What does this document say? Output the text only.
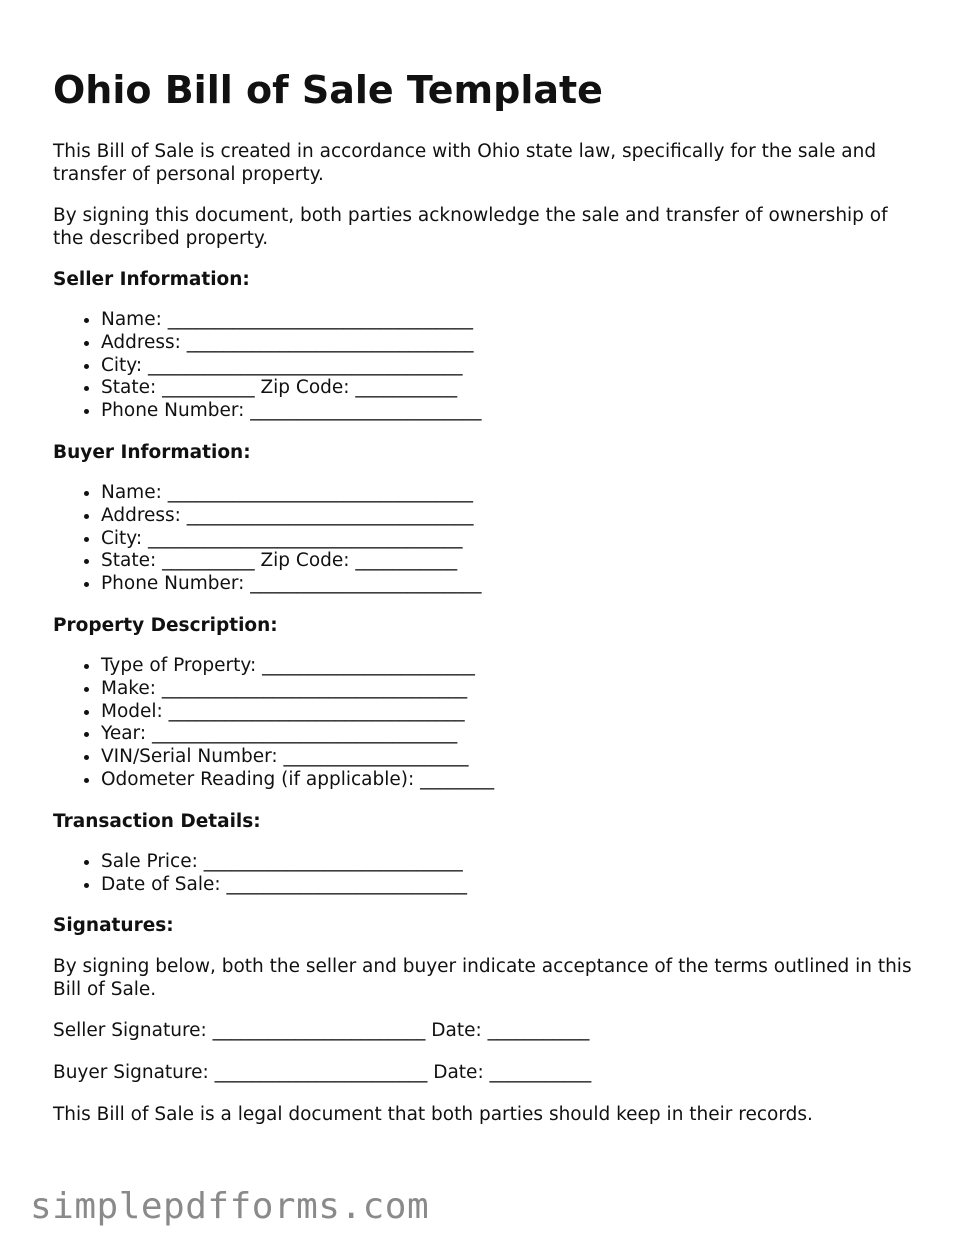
Ohio Bill of Sale Template

This Bill of Sale is created in accordance with Ohio state law, specifically for the sale and transfer of personal property.

By signing this document, both parties acknowledge the sale and transfer of ownership of the described property.

Seller Information:
• Name: _________________________________
• Address: _______________________________
• City: __________________________________
• State: __________ Zip Code: ___________
• Phone Number: _________________________
Buyer Information:
• Name: _________________________________
• Address: _______________________________
• City: __________________________________
• State: __________ Zip Code: ___________
• Phone Number: _________________________
Property Description:
• Type of Property: _______________________
• Make: _________________________________
• Model: ________________________________
• Year: _________________________________
• VIN/Serial Number: ____________________
• Odometer Reading (if applicable): ________
Transaction Details:
• Sale Price: ____________________________
• Date of Sale: __________________________
Signatures:

By signing below, both the seller and buyer indicate acceptance of the terms outlined in this Bill of Sale.

Seller Signature: _______________________ Date: ___________

Buyer Signature: _______________________ Date: ___________

This Bill of Sale is a legal document that both parties should keep in their records.

simplepdfforms.com
